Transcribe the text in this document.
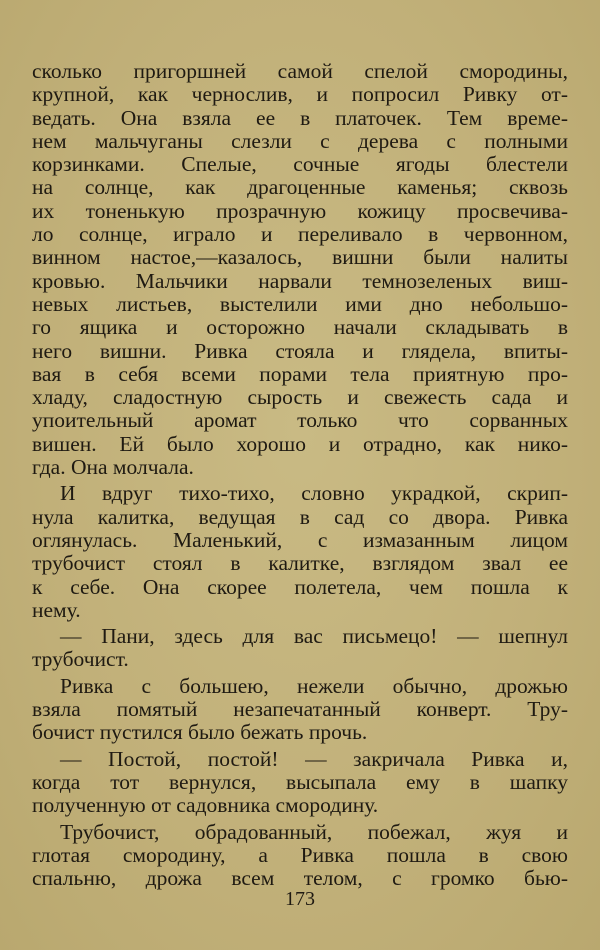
сколько пригоршней самой спелой смородины,
крупной, как чернослив, и попросил Ривку от-
ведать. Она взяла ее в платочек. Тем време-
нем мальчуганы слезли с дерева с полными
корзинками. Спелые, сочные ягоды блестели
на солнце, как драгоценные каменья; сквозь
их тоненькую прозрачную кожицу просвечива-
ло солнце, играло и переливало в червонном,
винном настое,—казалось, вишни были налиты
кровью. Мальчики нарвали темнозеленых виш-
невых листьев, выстелили ими дно небольшо-
го ящика и осторожно начали складывать в
него вишни. Ривка стояла и глядела, впиты-
вая в себя всеми порами тела приятную про-
хладу, сладостную сырость и свежесть сада и
упоительный аромат только что сорванных
вишен. Ей было хорошо и отрадно, как нико-
гда. Она молчала.
И вдруг тихо-тихо, словно украдкой, скрип-
нула калитка, ведущая в сад со двора. Ривка
оглянулась. Маленький, с измазанным лицом
трубочист стоял в калитке, взглядом звал ее
к себе. Она скорее полетела, чем пошла к
нему.
— Пани, здесь для вас письмецо! — шепнул
трубочист.
Ривка с большею, нежели обычно, дрожью
взяла помятый незапечатанный конверт. Тру-
бочист пустился было бежать прочь.
— Постой, постой! — закричала Ривка и,
когда тот вернулся, высыпала ему в шапку
полученную от садовника смородину.
Трубочист, обрадованный, побежал, жуя и
глотая смородину, а Ривка пошла в свою
спальню, дрожа всем телом, с громко бью-
173
